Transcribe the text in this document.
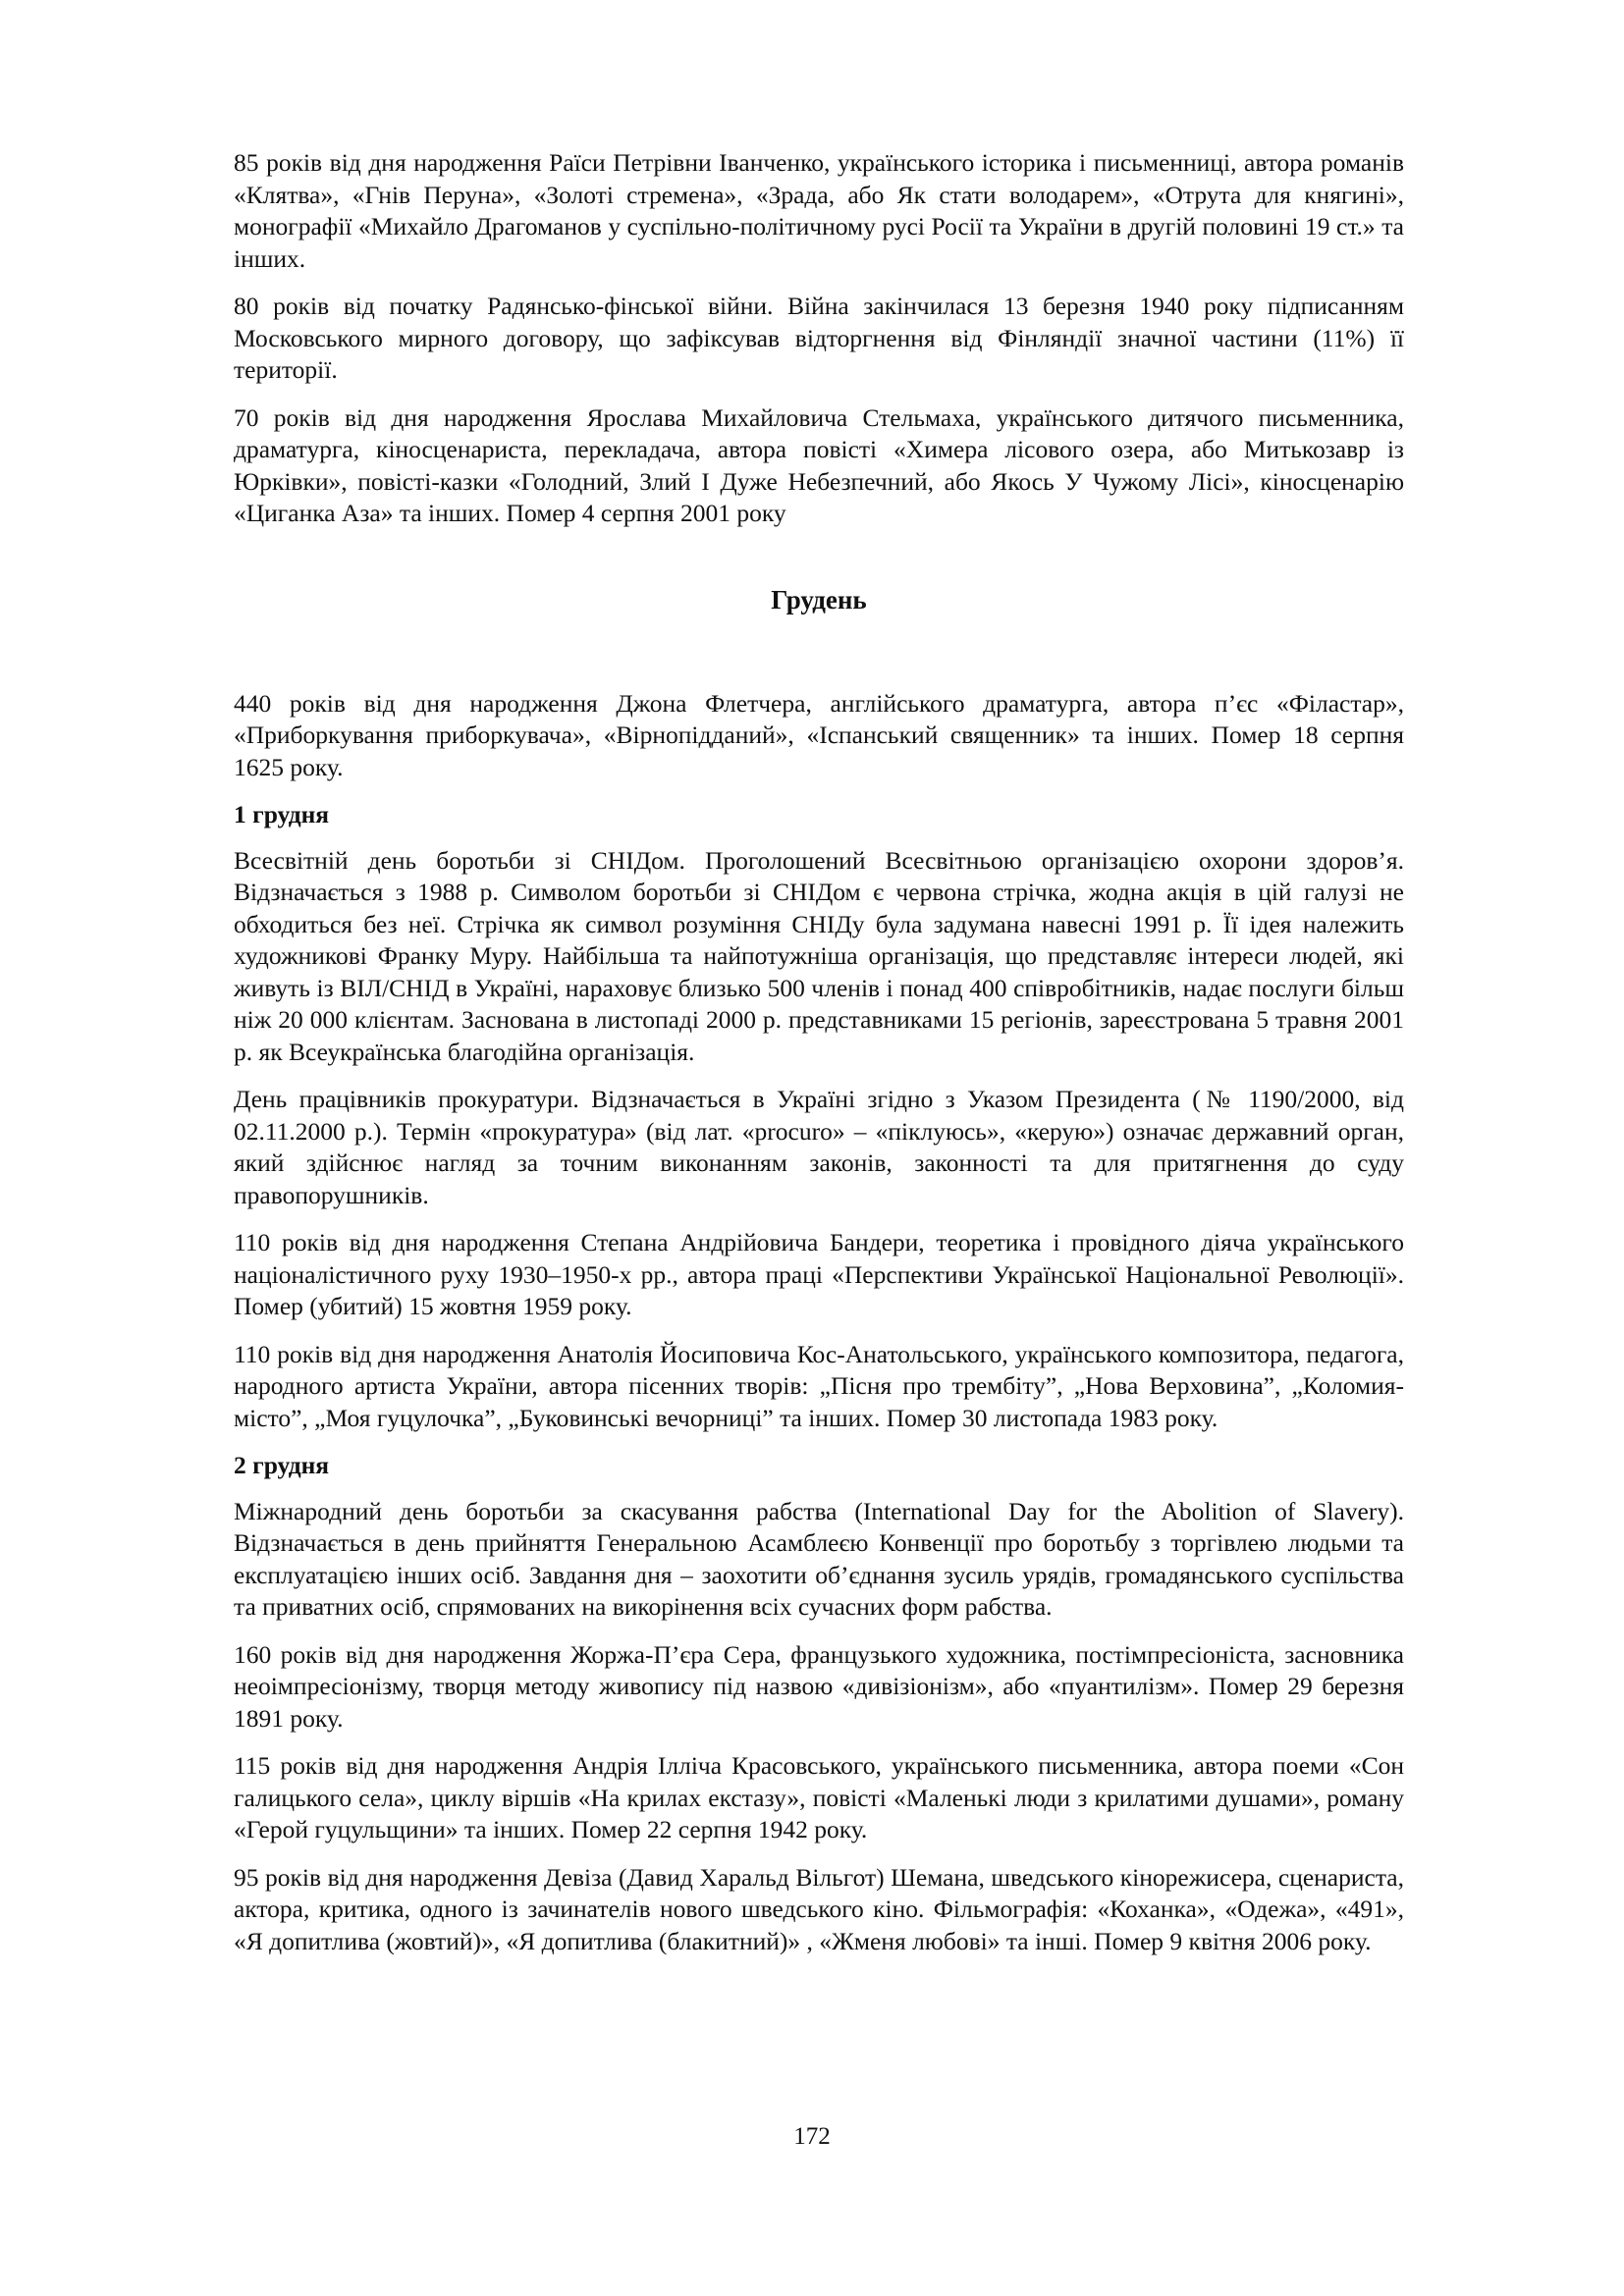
85 років від дня народження Раїси Петрівни Іванченко, українського історика і письменниці, автора романів «Клятва», «Гнів Перуна», «Золоті стремена», «Зрада, або Як стати володарем», «Отрута для княгині», монографії «Михайло Драгоманов у суспільно-політичному русі Росії та України в другій половині 19 ст.» та інших.

80 років від початку Радянсько-фінської війни. Війна закінчилася 13 березня 1940 року підписанням Московського мирного договору, що зафіксував відторгнення від Фінляндії значної частини (11%) її території.

70 років від дня народження Ярослава Михайловича Стельмаха, українського дитячого письменника, драматурга, кіносценариста, перекладача, автора повісті «Химера лісового озера, або Митькозавр із Юрківки», повісті-казки «Голодний, Злий І Дуже Небезпечний, або Якось У Чужому Лісі», кіносценарію «Циганка Аза» та інших. Помер 4 серпня 2001 року

Грудень

440 років від дня народження Джона Флетчера, англійського драматурга, автора п’єс «Філастар», «Приборкування приборкувача», «Вірнопідданий», «Іспанський священник» та інших. Помер 18 серпня 1625 року.

1 грудня

Всесвітній день боротьби зі СНІДом. Проголошений Всесвітньою організацією охорони здоров’я. Відзначається з 1988 р. Символом боротьби зі СНІДом є червона стрічка, жодна акція в цій галузі не обходиться без неї. Стрічка як символ розуміння СНІДу була задумана навесні 1991 р. Її ідея належить художникові Франку Муру. Найбільша та найпотужніша організація, що представляє інтереси людей, які живуть із ВІЛ/СНІД в Україні, нараховує близько 500 членів і понад 400 співробітників, надає послуги більш ніж 20 000 клієнтам. Заснована в листопаді 2000 р. представниками 15 регіонів, зареєстрована 5 травня 2001 р. як Всеукраїнська благодійна організація.

День працівників прокуратури. Відзначається в Україні згідно з Указом Президента (№ 1190/2000, від 02.11.2000 р.). Термін «прокуратура» (від лат. «procuro» – «піклуюсь», «керую») означає державний орган, який здійснює нагляд за точним виконанням законів, законності та для притягнення до суду правопорушників.

110 років від дня народження Степана Андрійовича Бандери, теоретика і провідного діяча українського націоналістичного руху 1930–1950-х рр., автора праці «Перспективи Української Національної Революції». Помер (убитий) 15 жовтня 1959 року.

110 років від дня народження Анатолія Йосиповича Кос-Анатольського, українського композитора, педагога, народного артиста України, автора пісенних творів: „Пісня про трембіту”, „Нова Верховина”, „Коломия-місто”, „Моя гуцулочка”, „Буковинські вечорниці” та інших. Помер 30 листопада 1983 року.

2 грудня

Міжнародний день боротьби за скасування рабства (International Day for the Abolition of Slavery). Відзначається в день прийняття Генеральною Асамблеєю Конвенції про боротьбу з торгівлею людьми та експлуатацією інших осіб. Завдання дня – заохотити об’єднання зусиль урядів, громадянського суспільства та приватних осіб, спрямованих на викорінення всіх сучасних форм рабства.

160 років від дня народження Жоржа-П’єра Сера, французького художника, постімпресіоніста, засновника неоімпресіонізму, творця методу живопису під назвою «дивізіонізм», або «пуантилізм». Помер 29 березня 1891 року.

115 років від дня народження Андрія Ілліча Красовського, українського письменника, автора поеми «Сон галицького села», циклу віршів «На крилах екстазу», повісті «Маленькі люди з крилатими душами», роману «Герой гуцульщини» та інших. Помер 22 серпня 1942 року.

95 років від дня народження Девіза (Давид Харальд Вільгот) Шемана, шведського кінорежисера, сценариста, актора, критика, одного із зачинателів нового шведського кіно. Фільмографія: «Коханка», «Одежа», «491», «Я допитлива (жовтий)», «Я допитлива (блакитний)» , «Жменя любові» та інші. Помер 9 квітня 2006 року.

172
